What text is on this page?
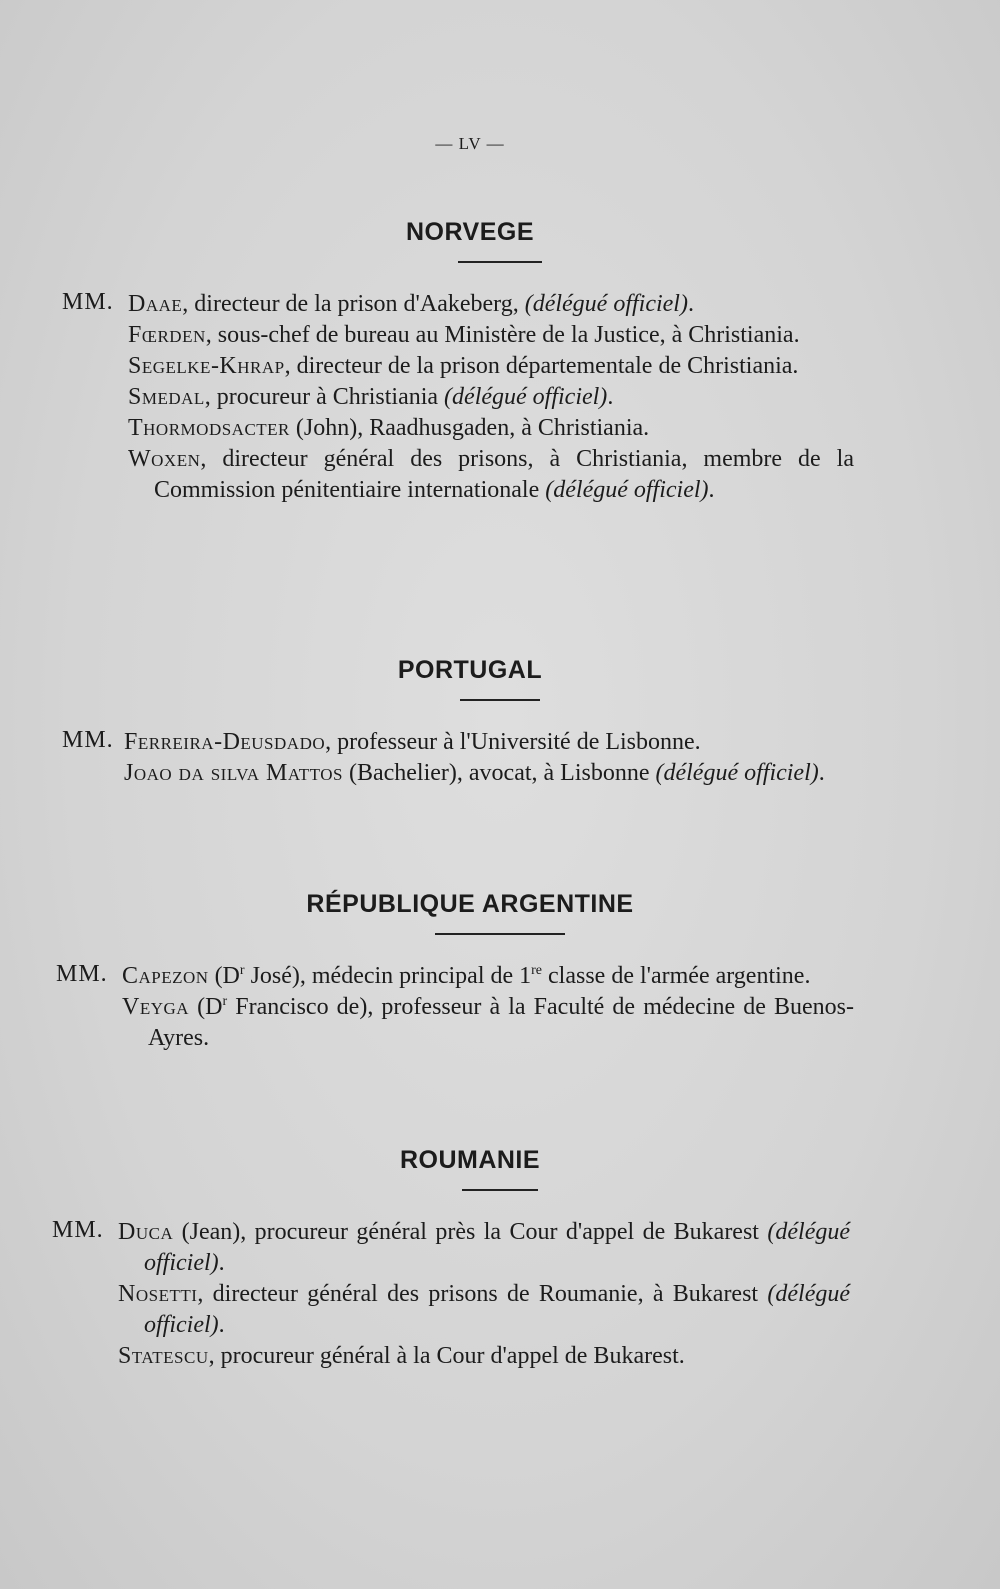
— LV —
NORVEGE
MM. Daae, directeur de la prison d'Aakeberg, (délégué officiel).

Fœrden, sous-chef de bureau au Ministère de la Justice, à Christiania.

Segelke-Khrap, directeur de la prison départementale de Christiania.

Smedal, procureur à Christiania (délégué officiel).

Thormodsacter (John), Raadhusgaden, à Christiania.

Woxen, directeur général des prisons, à Christiania, membre de la Commission pénitentiaire internationale (délégué officiel).

PORTUGAL
MM. Ferreira-Deusdado, professeur à l'Université de Lisbonne.

Joao da silva Mattos (Bachelier), avocat, à Lisbonne (délégué officiel).

RÉPUBLIQUE ARGENTINE
MM. Capezon ($D^r$ José), médecin principal de 1re classe de l'armée argentine.

Veyga ($D^r$ Francisco de), professeur à la Faculté de médecine de Buenos-Ayres.

ROUMANIE
MM. Duca (Jean), procureur général près la Cour d'appel de Bukarest (délégué officiel).

Nosetti, directeur général des prisons de Roumanie, à Bukarest (délégué officiel).

Statescu, procureur général à la Cour d'appel de Bukarest.
